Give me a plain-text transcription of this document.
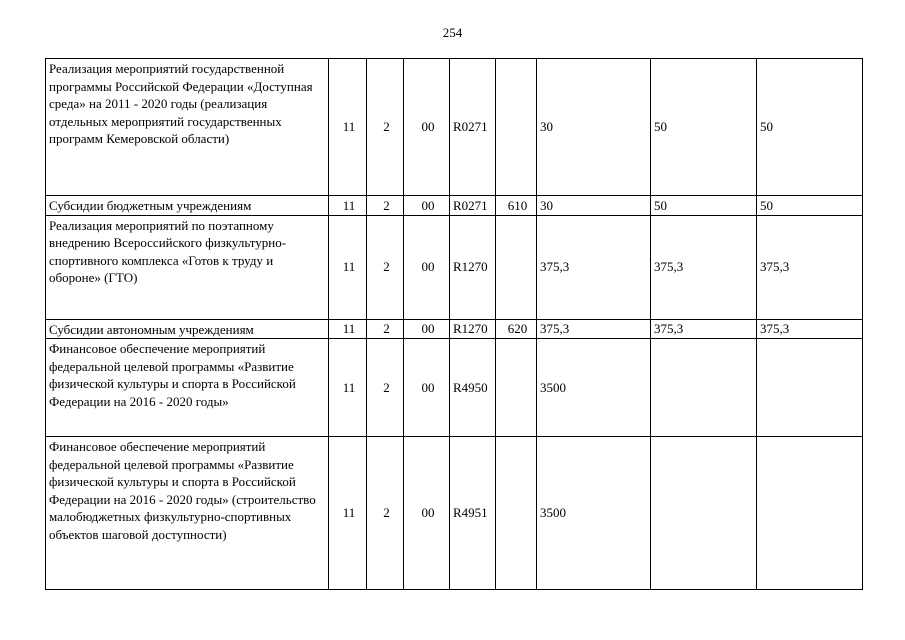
254
Реализация мероприятий государственной программы Российской Федерации «Доступная среда» на 2011 - 2020 годы (реализация отдельных мероприятий государственных программ Кемеровской области)	11	2	00	R0271		30	50	50
Субсидии бюджетным учреждениям	11	2	00	R0271	610	30	50	50
Реализация мероприятий по поэтапному внедрению Всероссийского физкультурно-спортивного комплекса «Готов к труду и обороне» (ГТО)	11	2	00	R1270		375,3	375,3	375,3
Субсидии автономным учреждениям	11	2	00	R1270	620	375,3	375,3	375,3
Финансовое обеспечение мероприятий федеральной целевой программы «Развитие физической культуры и спорта в Российской Федерации на 2016 - 2020 годы»	11	2	00	R4950		3500		
Финансовое обеспечение мероприятий федеральной целевой программы «Развитие физической культуры и спорта в Российской Федерации на 2016 - 2020 годы» (строительство малобюджетных физкультурно-спортивных объектов шаговой доступности)	11	2	00	R4951		3500		
